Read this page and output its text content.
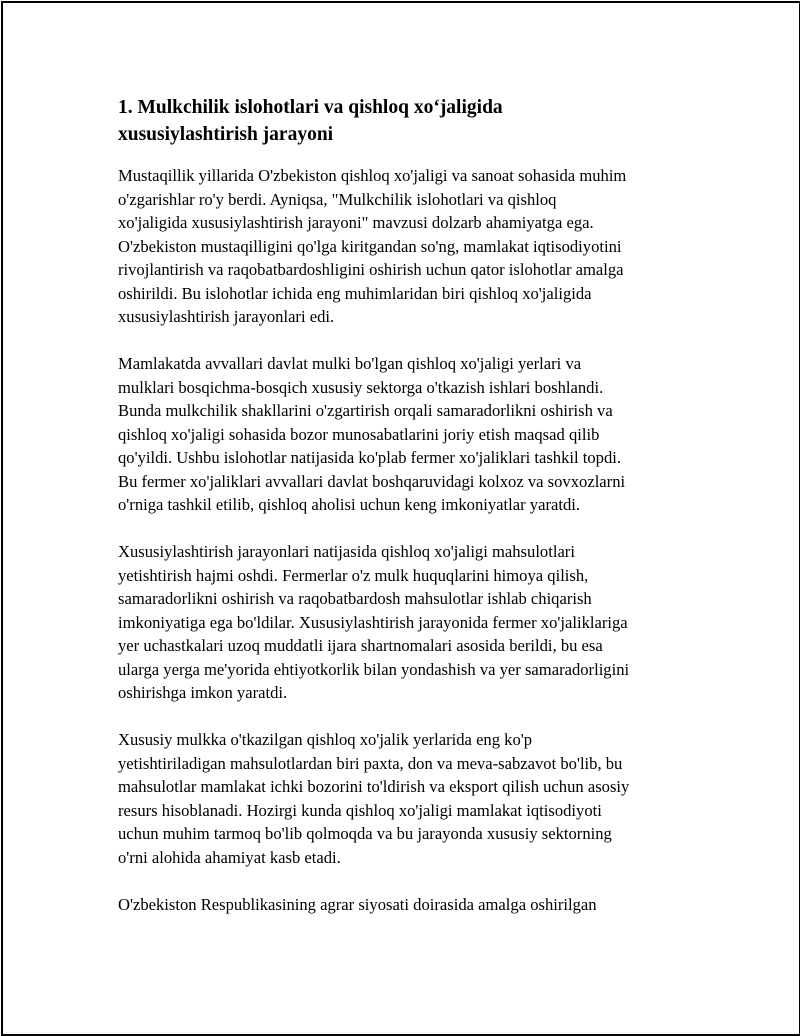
1. Mulkchilik islohotlari va qishloq xo‘jaligida
xususiylashtirish jarayoni

Mustaqillik yillarida O'zbekiston qishloq xo'jaligi va sanoat sohasida muhim
o'zgarishlar ro'y berdi. Ayniqsa, "Mulkchilik islohotlari va qishloq
xo'jaligida xususiylashtirish jarayoni" mavzusi dolzarb ahamiyatga ega.
O'zbekiston mustaqilligini qo'lga kiritgandan so'ng, mamlakat iqtisodiyotini
rivojlantirish va raqobatbardoshligini oshirish uchun qator islohotlar amalga
oshirildi. Bu islohotlar ichida eng muhimlaridan biri qishloq xo'jaligida
xususiylashtirish jarayonlari edi.

Mamlakatda avvallari davlat mulki bo'lgan qishloq xo'jaligi yerlari va
mulklari bosqichma-bosqich xususiy sektorga o'tkazish ishlari boshlandi.
Bunda mulkchilik shakllarini o'zgartirish orqali samaradorlikni oshirish va
qishloq xo'jaligi sohasida bozor munosabatlarini joriy etish maqsad qilib
qo'yildi. Ushbu islohotlar natijasida ko'plab fermer xo'jaliklari tashkil topdi.
Bu fermer xo'jaliklari avvallari davlat boshqaruvidagi kolxoz va sovxozlarni
o'rniga tashkil etilib, qishloq aholisi uchun keng imkoniyatlar yaratdi.

Xususiylashtirish jarayonlari natijasida qishloq xo'jaligi mahsulotlari
yetishtirish hajmi oshdi. Fermerlar o'z mulk huquqlarini himoya qilish,
samaradorlikni oshirish va raqobatbardosh mahsulotlar ishlab chiqarish
imkoniyatiga ega bo'ldilar. Xususiylashtirish jarayonida fermer xo'jaliklariga
yer uchastkalari uzoq muddatli ijara shartnomalari asosida berildi, bu esa
ularga yerga me'yorida ehtiyotkorlik bilan yondashish va yer samaradorligini
oshirishga imkon yaratdi.

Xususiy mulkka o'tkazilgan qishloq xo'jalik yerlarida eng ko'p
yetishtiriladigan mahsulotlardan biri paxta, don va meva-sabzavot bo'lib, bu
mahsulotlar mamlakat ichki bozorini to'ldirish va eksport qilish uchun asosiy
resurs hisoblanadi. Hozirgi kunda qishloq xo'jaligi mamlakat iqtisodiyoti
uchun muhim tarmoq bo'lib qolmoqda va bu jarayonda xususiy sektorning
o'rni alohida ahamiyat kasb etadi.

O'zbekiston Respublikasining agrar siyosati doirasida amalga oshirilgan
